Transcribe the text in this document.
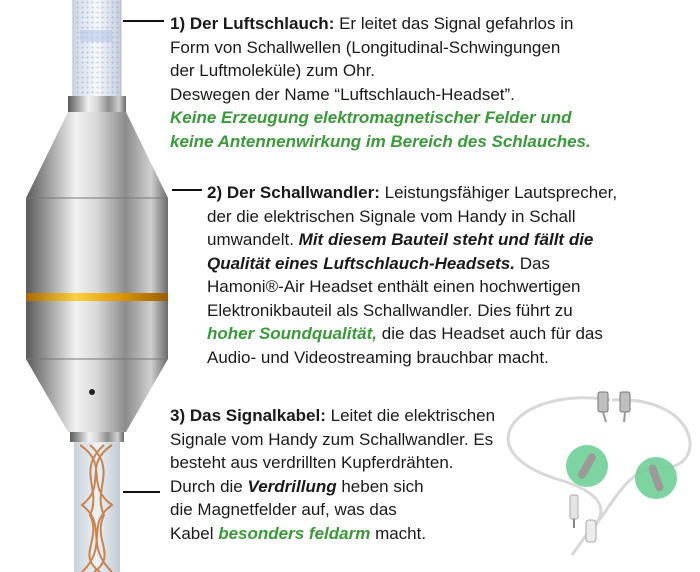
1) Der Luftschlauch: Er leitet das Signal gefahrlos in
Form von Schallwellen (Longitudinal-Schwingungen
der Luftmoleküle) zum Ohr.
Deswegen der Name “Luftschlauch-Headset”.
Keine Erzeugung elektromagnetischer Felder und
keine Antennenwirkung im Bereich des Schlauches.
2) Der Schallwandler: Leistungsfähiger Lautsprecher,
der die elektrischen Signale vom Handy in Schall
umwandelt. Mit diesem Bauteil steht und fällt die
Qualität eines Luftschlauch-Headsets. Das
Hamoni®-Air Headset enthält einen hochwertigen
Elektronikbauteil als Schallwandler. Dies führt zu
hoher Soundqualität, die das Headset auch für das
Audio- und Videostreaming brauchbar macht.
3) Das Signalkabel: Leitet die elektrischen
Signale vom Handy zum Schallwandler. Es
besteht aus verdrillten Kupferdrähten.
Durch die Verdrillung heben sich
die Magnetfelder auf, was das
Kabel besonders feldarm macht.
